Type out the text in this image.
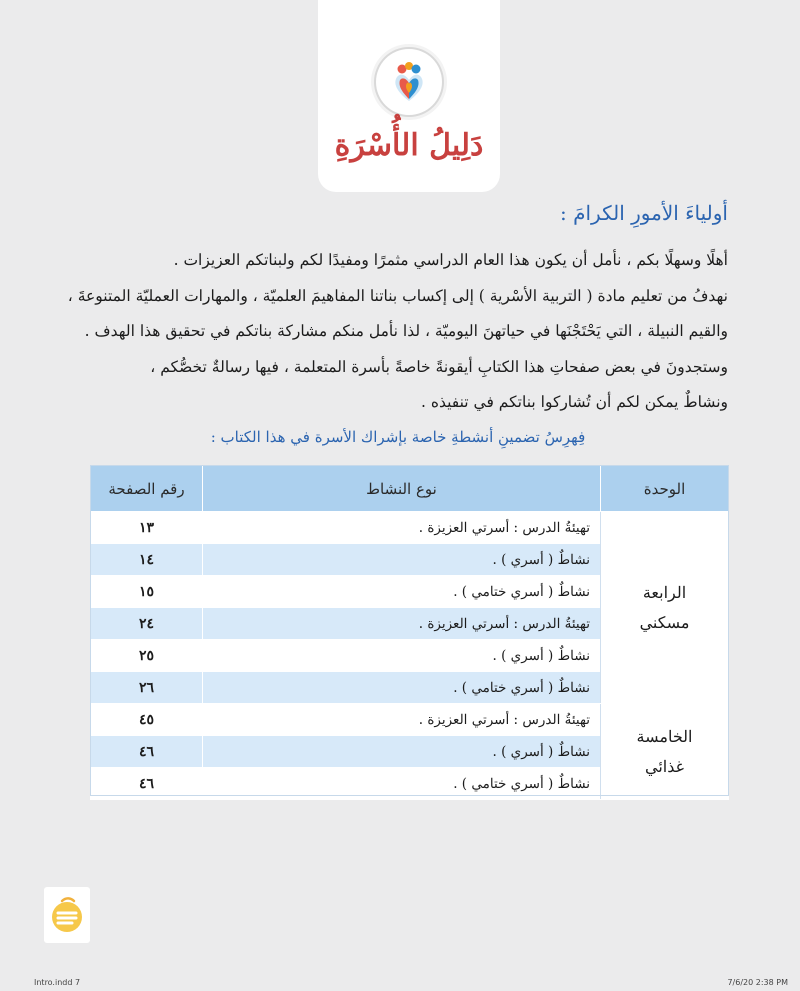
دَلِيلُ الأُسْرَةِ
أولياءَ الأمورِ الكرامَ :
أهلًا وسهلًا بكم ، نأمل أن يكون هذا العام الدراسي مثمرًا ومفيدًا لكم ولبناتكم العزيزات .
نهدفُ من تعليم مادة ( التربية الأسْرية ) إلى إكساب بناتنا المفاهيمَ العلميّة ، والمهارات العمليّة المتنوعةَ ،
والقيم النبيلة ، التي يَحْتَجْنَها في حياتهنَ اليوميّة ، لذا نأمل منكم مشاركة بناتكم في تحقيق هذا الهدف .
وستجدونَ في بعض صفحاتِ هذا الكتابِ أيقونةً خاصةً بأسرة المتعلمة ، فيها رسالةٌ تخصُّكم ،
ونشاطٌ يمكن لكم أن تُشاركوا بناتكم في تنفيذه .
فِهرِسُ تضمينِ أنشطةِ خاصة بإشراك الأسرة في هذا الكتاب :
الوحدة	نوع النشاط	رقم الصفحة

الرابعة
مسكني	تهيئةُ الدرس : أسرتي العزيزة .	١٣
	نشاطٌ ( أسري ) .	١٤
	نشاطٌ ( أسري ختامي ) .	١٥
	تهيئةُ الدرس : أسرتي العزيزة .	٢٤
	نشاطٌ ( أسري ) .	٢٥
	نشاطٌ ( أسري ختامي ) .	٢٦

الخامسة
غذائي	تهيئةُ الدرس : أسرتي العزيزة .	٤٥
	نشاطٌ ( أسري ) .	٤٦
	نشاطٌ ( أسري ختامي ) .	٤٦
Intro.indd 7	7/6/20 2:38 PM
